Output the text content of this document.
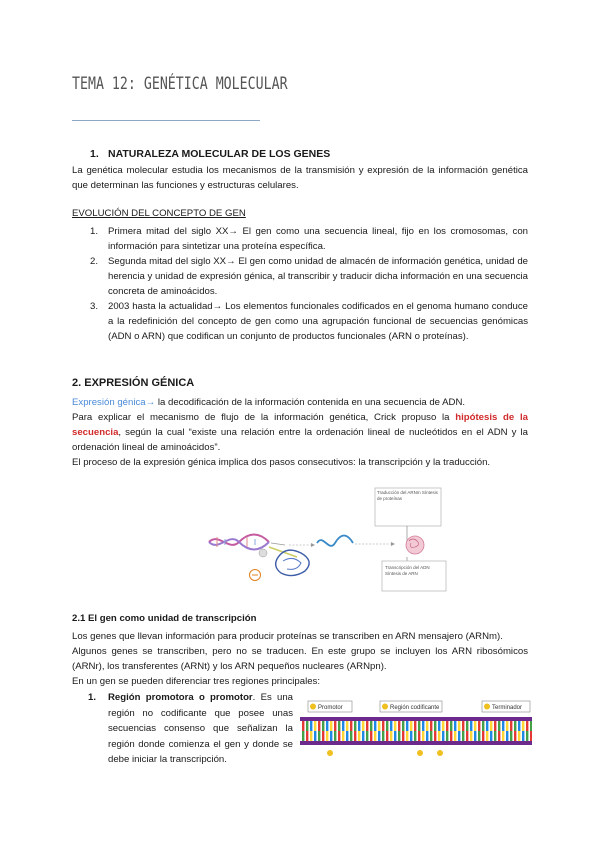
TEMA 12: GENÉTICA MOLECULAR
1. NATURALEZA MOLECULAR DE LOS GENES

La genética molecular estudia los mecanismos de la transmisión y expresión de la información genética que determinan las funciones y estructuras celulares.

EVOLUCIÓN DEL CONCEPTO DE GEN
1. Primera mitad del siglo XX→ El gen como una secuencia lineal, fijo en los cromosomas, con información para sintetizar una proteína específica.
2. Segunda mitad del siglo XX→ El gen como unidad de almacén de información genética, unidad de herencia y unidad de expresión génica, al transcribir y traducir dicha información en una secuencia concreta de aminoácidos.
3. 2003 hasta la actualidad→ Los elementos funcionales codificados en el genoma humano conduce a la redefinición del concepto de gen como una agrupación funcional de secuencias genómicas (ADN o ARN) que codifican un conjunto de productos funcionales (ARN o proteínas).
2. EXPRESIÓN GÉNICA

Expresión génica→ la decodificación de la información contenida en una secuencia de ADN.

Para explicar el mecanismo de flujo de la información genética, Crick propuso la hipótesis de la secuencia, según la cual “existe una relación entre la ordenación lineal de nucleótidos en el ADN y la ordenación lineal de aminoácidos”.

El proceso de la expresión génica implica dos pasos consecutivos: la transcripción y la traducción.

Traducción del ARNm Síntesis de proteínas
Transcripción del ADN Síntesis de ARN
2.1 El gen como unidad de transcripción

Los genes que llevan información para producir proteínas se transcriben en ARN mensajero (ARNm).

Algunos genes se transcriben, pero no se traducen. En este grupo se incluyen los ARN ribosómicos (ARNr), los transferentes (ARNt) y los ARN pequeños nucleares (ARNpn).

En un gen se pueden diferenciar tres regiones principales:

1.	Región promotora o promotor. Es una región no codificante que posee unas secuencias consenso que señalizan la región donde comienza el gen y donde se debe iniciar la transcripción.
Promotor	Región codificante	Terminador
